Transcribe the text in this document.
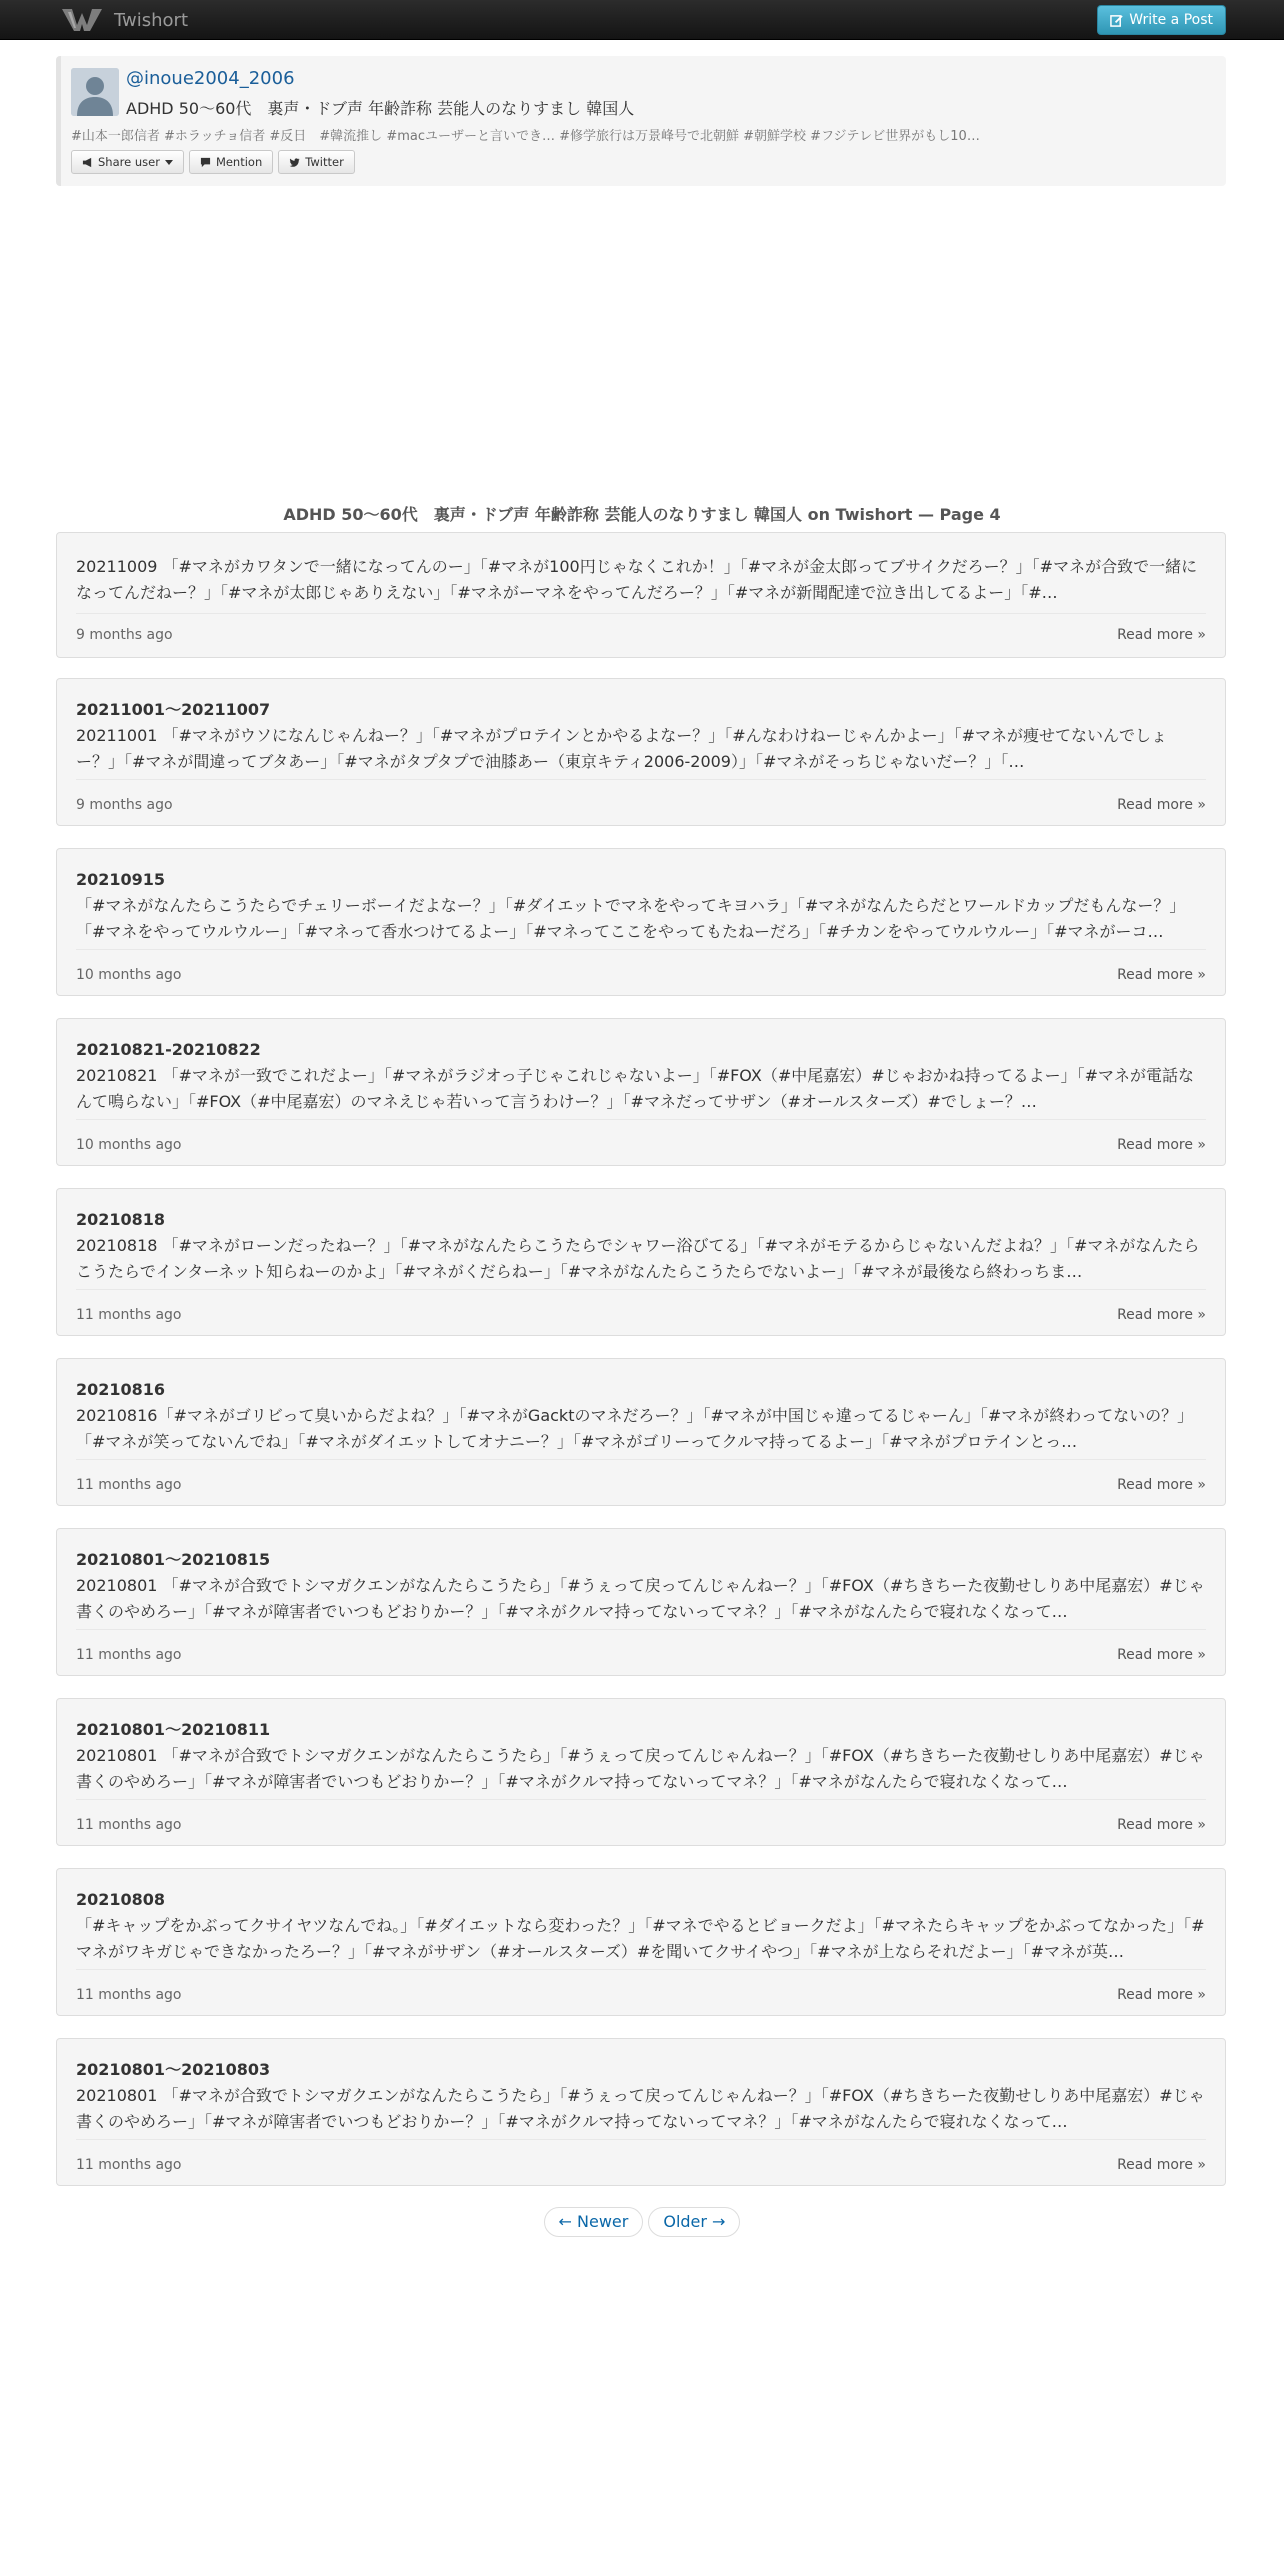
Twishort	Write a Post
@inoue2004_2006
ADHD 50～60代　裏声・ドブ声 年齢詐称 芸能人のなりすまし 韓国人
#山本一郎信者 #ホラッチョ信者 #反日　#韓流推し #macユーザーと言いでき… #修学旅行は万景峰号で北朝鮮 #朝鮮学校 #フジテレビ世界がもし10…
Share user	Mention	Twitter
ADHD 50～60代　裏声・ドブ声 年齢詐称 芸能人のなりすまし 韓国人 on Twishort — Page 4
20211009 「#マネがカワタンで一緒になってんのー」「#マネが100円じゃなくこれか！」「#マネが金太郎ってブサイクだろー？」「#マネが合致で一緒になってんだねー？」「#マネが太郎じゃありえない」「#マネがーマネをやってんだろー？」「#マネが新聞配達で泣き出してるよー」「#…
9 months ago	Read more »
20211001～20211007
20211001 「#マネがウソになんじゃんねー？」「#マネがプロテインとかやるよなー？」「#んなわけねーじゃんかよー」「#マネが痩せてないんでしょー？」「#マネが間違ってブタあー」「#マネがタプタプで油膝あー（東京キティ2006-2009）」「#マネがそっちじゃないだー？」「…
9 months ago	Read more »
20210915
「#マネがなんたらこうたらでチェリーボーイだよなー？」「#ダイエットでマネをやってキヨハラ」「#マネがなんたらだとワールドカップだもんなー？」「#マネをやってウルウルー」「#マネって香水つけてるよー」「#マネってここをやってもたねーだろ」「#チカンをやってウルウルー」「#マネがーコ…
10 months ago	Read more »
20210821-20210822
20210821 「#マネが一致でこれだよー」「#マネがラジオっ子じゃこれじゃないよー」「#FOX（#中尾嘉宏）#じゃおかね持ってるよー」「#マネが電話なんて鳴らない」「#FOX（#中尾嘉宏）のマネえじゃ若いって言うわけー？」「#マネだってサザン（#オールスターズ）#でしょー？…
10 months ago	Read more »
20210818
20210818 「#マネがローンだったねー？」「#マネがなんたらこうたらでシャワー浴びてる」「#マネがモテるからじゃないんだよね？」「#マネがなんたらこうたらでインターネット知らねーのかよ」「#マネがくだらねー」「#マネがなんたらこうたらでないよー」「#マネが最後なら終わっちま…
11 months ago	Read more »
20210816
20210816「#マネがゴリビって臭いからだよね？」「#マネがGacktのマネだろー？」「#マネが中国じゃ違ってるじゃーん」「#マネが終わってないの？」「#マネが笑ってないんでね」「#マネがダイエットしてオナニー？」「#マネがゴリーってクルマ持ってるよー」「#マネがプロテインとっ…
11 months ago	Read more »
20210801～20210815
20210801 「#マネが合致でトシマガクエンがなんたらこうたら」「#うぇって戻ってんじゃんねー？」「#FOX（#ちきちーた夜勤せしりあ中尾嘉宏）#じゃ書くのやめろー」「#マネが障害者でいつもどおりかー？」「#マネがクルマ持ってないってマネ？」「#マネがなんたらで寝れなくなって…
11 months ago	Read more »
20210801～20210811
20210801 「#マネが合致でトシマガクエンがなんたらこうたら」「#うぇって戻ってんじゃんねー？」「#FOX（#ちきちーた夜勤せしりあ中尾嘉宏）#じゃ書くのやめろー」「#マネが障害者でいつもどおりかー？」「#マネがクルマ持ってないってマネ？」「#マネがなんたらで寝れなくなって…
11 months ago	Read more »
20210808
「#キャップをかぶってクサイヤツなんでね。」「#ダイエットなら変わった？」「#マネでやるとビョークだよ」「#マネたらキャップをかぶってなかった」「#マネがワキガじゃできなかったろー？」「#マネがサザン（#オールスターズ）#を聞いてクサイやつ」「#マネが上ならそれだよー」「#マネが英…
11 months ago	Read more »
20210801～20210803
20210801 「#マネが合致でトシマガクエンがなんたらこうたら」「#うぇって戻ってんじゃんねー？」「#FOX（#ちきちーた夜勤せしりあ中尾嘉宏）#じゃ書くのやめろー」「#マネが障害者でいつもどおりかー？」「#マネがクルマ持ってないってマネ？」「#マネがなんたらで寝れなくなって…
11 months ago	Read more »
← Newer	Older →
